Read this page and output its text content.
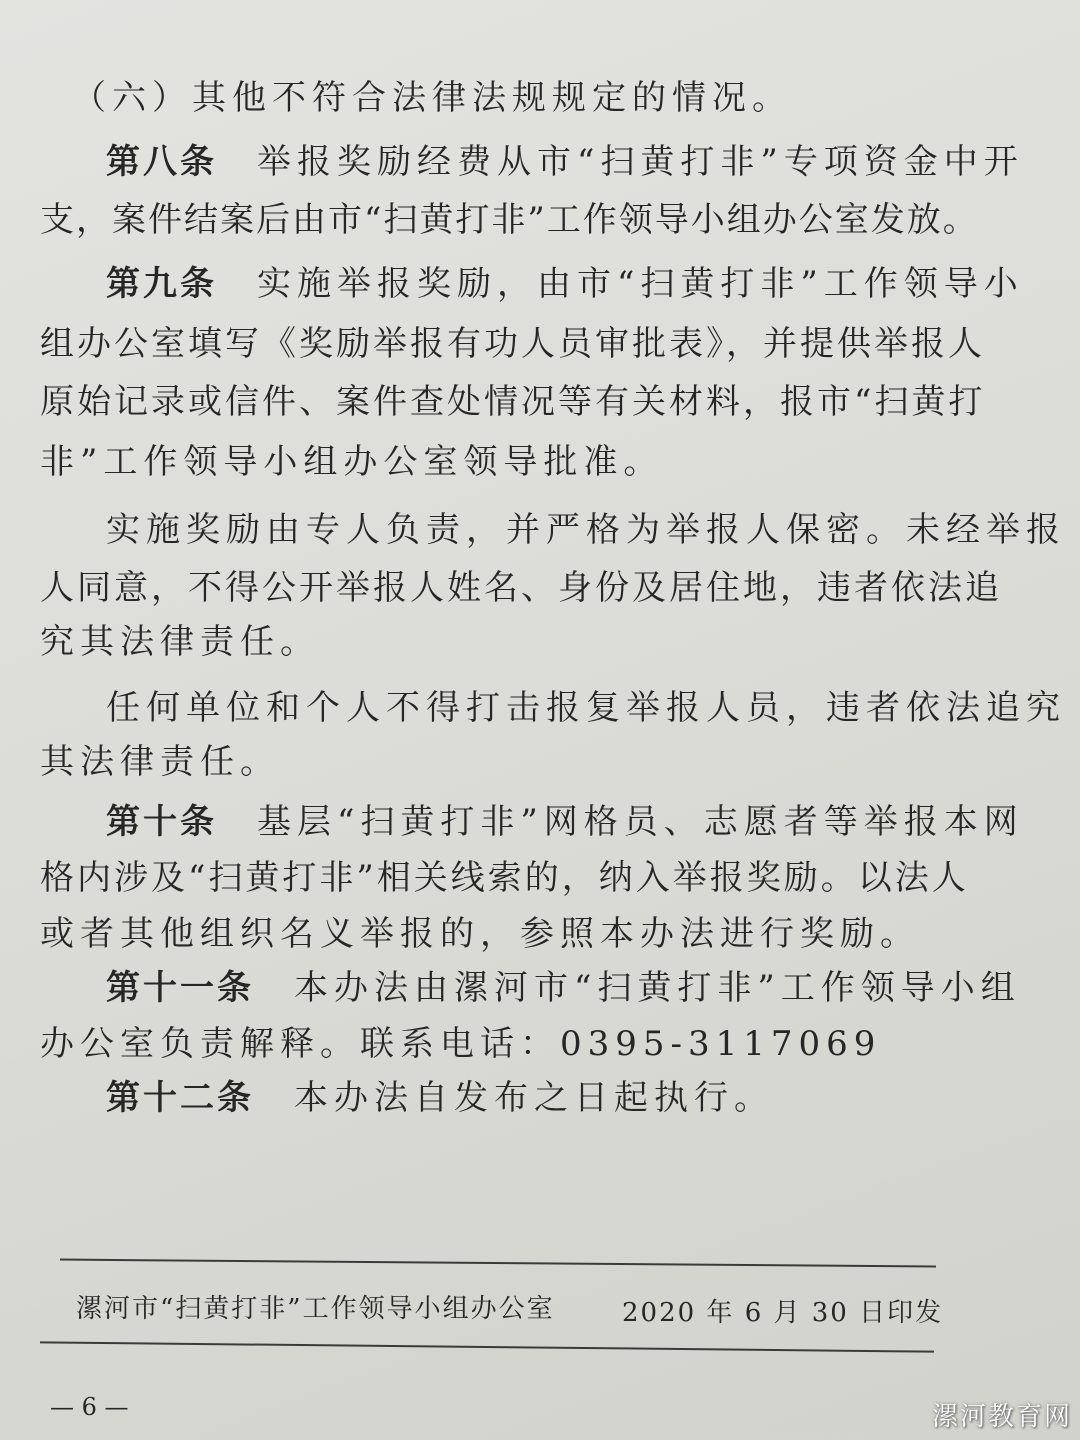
（六）其他不符合法律法规规定的情况。
第八条　举报奖励经费从市“扫黄打非”专项资金中开
支，案件结案后由市“扫黄打非”工作领导小组办公室发放。
第九条　实施举报奖励，由市“扫黄打非”工作领导小
组办公室填写《奖励举报有功人员审批表》，并提供举报人
原始记录或信件、案件查处情况等有关材料，报市“扫黄打
非”工作领导小组办公室领导批准。
实施奖励由专人负责，并严格为举报人保密。未经举报
人同意，不得公开举报人姓名、身份及居住地，违者依法追
究其法律责任。
任何单位和个人不得打击报复举报人员，违者依法追究
其法律责任。
第十条　基层“扫黄打非”网格员、志愿者等举报本网
格内涉及“扫黄打非”相关线索的，纳入举报奖励。以法人
或者其他组织名义举报的，参照本办法进行奖励。
第十一条　本办法由漯河市“扫黄打非”工作领导小组
办公室负责解释。联系电话：0395-3117069
第十二条　本办法自发布之日起执行。
漯河市“扫黄打非”工作领导小组办公室	2020 年 6 月 30 日印发
— 6 —	漯河教育网
